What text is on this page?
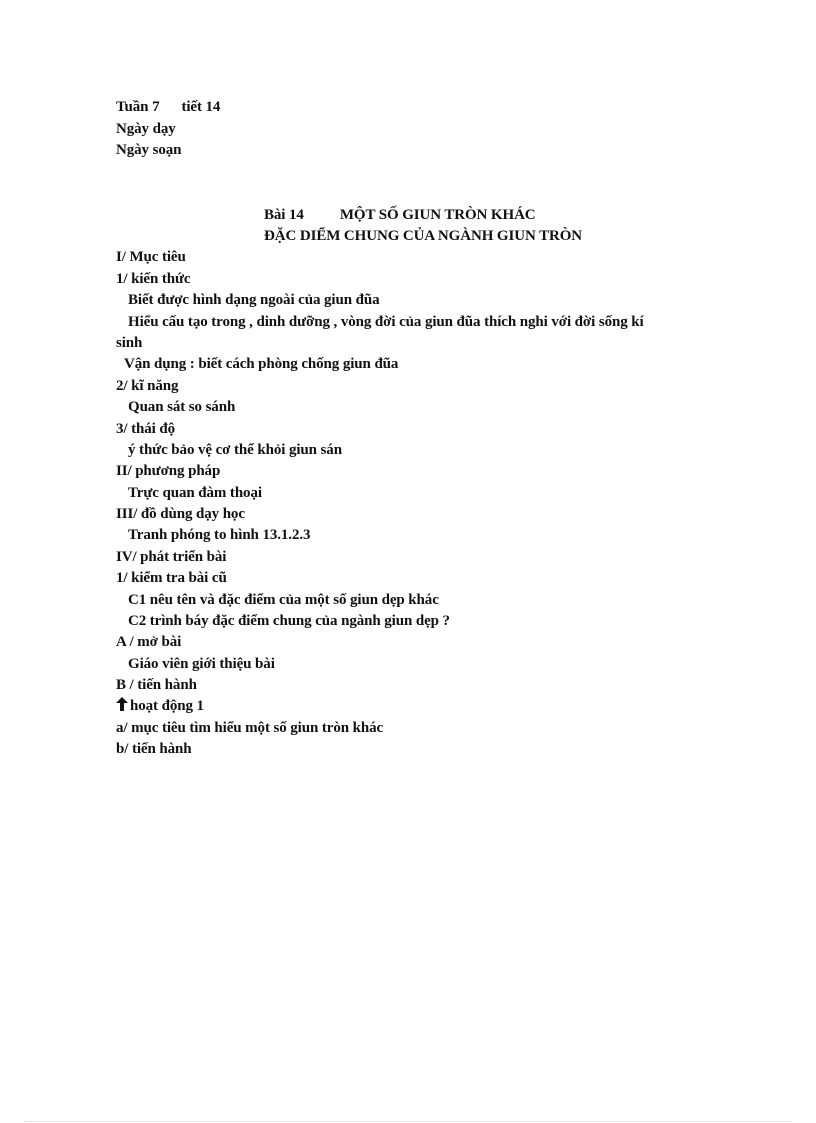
Tuần 7 tiết 14
Ngày dạy
Ngày soạn
Bài 14 MỘT SỐ GIUN TRÒN KHÁC
ĐẶC DIỂM CHUNG CỦA NGÀNH GIUN TRÒN
I/ Mục tiêu
1/ kiến thức
Biết được hình dạng ngoài của giun đũa
Hiểu cấu tạo trong , dinh dưỡng , vòng đời của giun đũa thích nghi với đời sống kí
sinh
Vận dụng : biết cách phòng chống giun đũa
2/ kĩ năng
Quan sát so sánh
3/ thái độ
ý thức bảo vệ cơ thể khỏi giun sán
II/ phương pháp
Trực quan đàm thoại
III/ đồ dùng dạy học
Tranh phóng to hình 13.1.2.3
IV/ phát triển bài
1/ kiểm tra bài cũ
C1 nêu tên và đặc điểm của một số giun dẹp khác
C2 trình báy đặc điểm chung của ngành giun dẹp ?
A / mở bài
Giáo viên giới thiệu bài
B / tiến hành
hoạt động 1
a/ mục tiêu tìm hiểu một số giun tròn khác
b/ tiến hành
